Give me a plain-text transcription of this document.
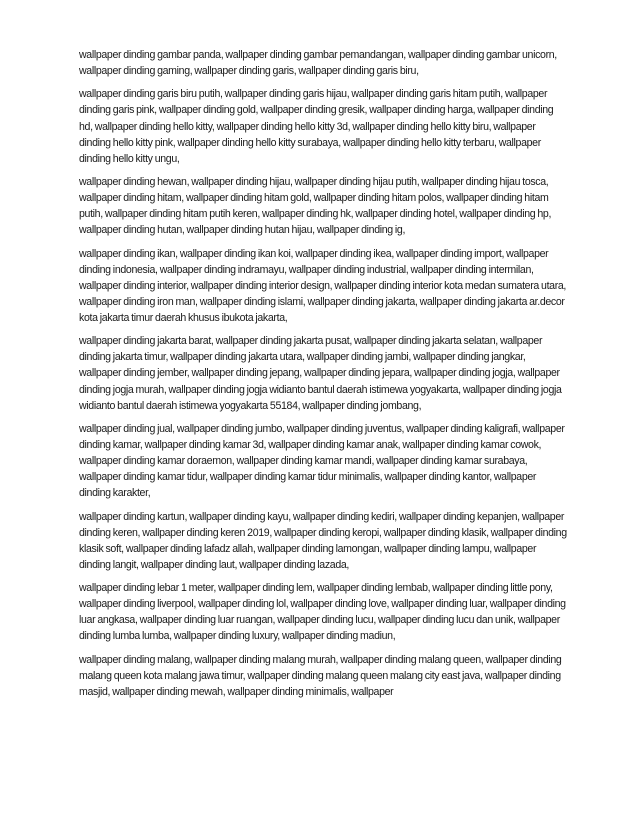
wallpaper dinding gambar panda, wallpaper dinding gambar pemandangan, wallpaper dinding gambar unicorn, wallpaper dinding gaming, wallpaper dinding garis, wallpaper dinding garis biru,

wallpaper dinding garis biru putih, wallpaper dinding garis hijau, wallpaper dinding garis hitam putih, wallpaper dinding garis pink, wallpaper dinding gold, wallpaper dinding gresik, wallpaper dinding harga, wallpaper dinding hd, wallpaper dinding hello kitty, wallpaper dinding hello kitty 3d, wallpaper dinding hello kitty biru, wallpaper dinding hello kitty pink, wallpaper dinding hello kitty surabaya, wallpaper dinding hello kitty terbaru, wallpaper dinding hello kitty ungu,

wallpaper dinding hewan, wallpaper dinding hijau, wallpaper dinding hijau putih, wallpaper dinding hijau tosca, wallpaper dinding hitam, wallpaper dinding hitam gold, wallpaper dinding hitam polos, wallpaper dinding hitam putih, wallpaper dinding hitam putih keren, wallpaper dinding hk, wallpaper dinding hotel, wallpaper dinding hp, wallpaper dinding hutan, wallpaper dinding hutan hijau, wallpaper dinding ig,

wallpaper dinding ikan, wallpaper dinding ikan koi, wallpaper dinding ikea, wallpaper dinding import, wallpaper dinding indonesia, wallpaper dinding indramayu, wallpaper dinding industrial, wallpaper dinding intermilan, wallpaper dinding interior, wallpaper dinding interior design, wallpaper dinding interior kota medan sumatera utara, wallpaper dinding iron man, wallpaper dinding islami, wallpaper dinding jakarta, wallpaper dinding jakarta ar.decor kota jakarta timur daerah khusus ibukota jakarta,

wallpaper dinding jakarta barat, wallpaper dinding jakarta pusat, wallpaper dinding jakarta selatan, wallpaper dinding jakarta timur, wallpaper dinding jakarta utara, wallpaper dinding jambi, wallpaper dinding jangkar, wallpaper dinding jember, wallpaper dinding jepang, wallpaper dinding jepara, wallpaper dinding jogja, wallpaper dinding jogja murah, wallpaper dinding jogja widianto bantul daerah istimewa yogyakarta, wallpaper dinding jogja widianto bantul daerah istimewa yogyakarta 55184, wallpaper dinding jombang,

wallpaper dinding jual, wallpaper dinding jumbo, wallpaper dinding juventus, wallpaper dinding kaligrafi, wallpaper dinding kamar, wallpaper dinding kamar 3d, wallpaper dinding kamar anak, wallpaper dinding kamar cowok, wallpaper dinding kamar doraemon, wallpaper dinding kamar mandi, wallpaper dinding kamar surabaya, wallpaper dinding kamar tidur, wallpaper dinding kamar tidur minimalis, wallpaper dinding kantor, wallpaper dinding karakter,

wallpaper dinding kartun, wallpaper dinding kayu, wallpaper dinding kediri, wallpaper dinding kepanjen, wallpaper dinding keren, wallpaper dinding keren 2019, wallpaper dinding keropi, wallpaper dinding klasik, wallpaper dinding klasik soft, wallpaper dinding lafadz allah, wallpaper dinding lamongan, wallpaper dinding lampu, wallpaper dinding langit, wallpaper dinding laut, wallpaper dinding lazada,

wallpaper dinding lebar 1 meter, wallpaper dinding lem, wallpaper dinding lembab, wallpaper dinding little pony, wallpaper dinding liverpool, wallpaper dinding lol, wallpaper dinding love, wallpaper dinding luar, wallpaper dinding luar angkasa, wallpaper dinding luar ruangan, wallpaper dinding lucu, wallpaper dinding lucu dan unik, wallpaper dinding lumba lumba, wallpaper dinding luxury, wallpaper dinding madiun,

wallpaper dinding malang, wallpaper dinding malang murah, wallpaper dinding malang queen, wallpaper dinding malang queen kota malang jawa timur, wallpaper dinding malang queen malang city east java, wallpaper dinding masjid, wallpaper dinding mewah, wallpaper dinding minimalis, wallpaper
